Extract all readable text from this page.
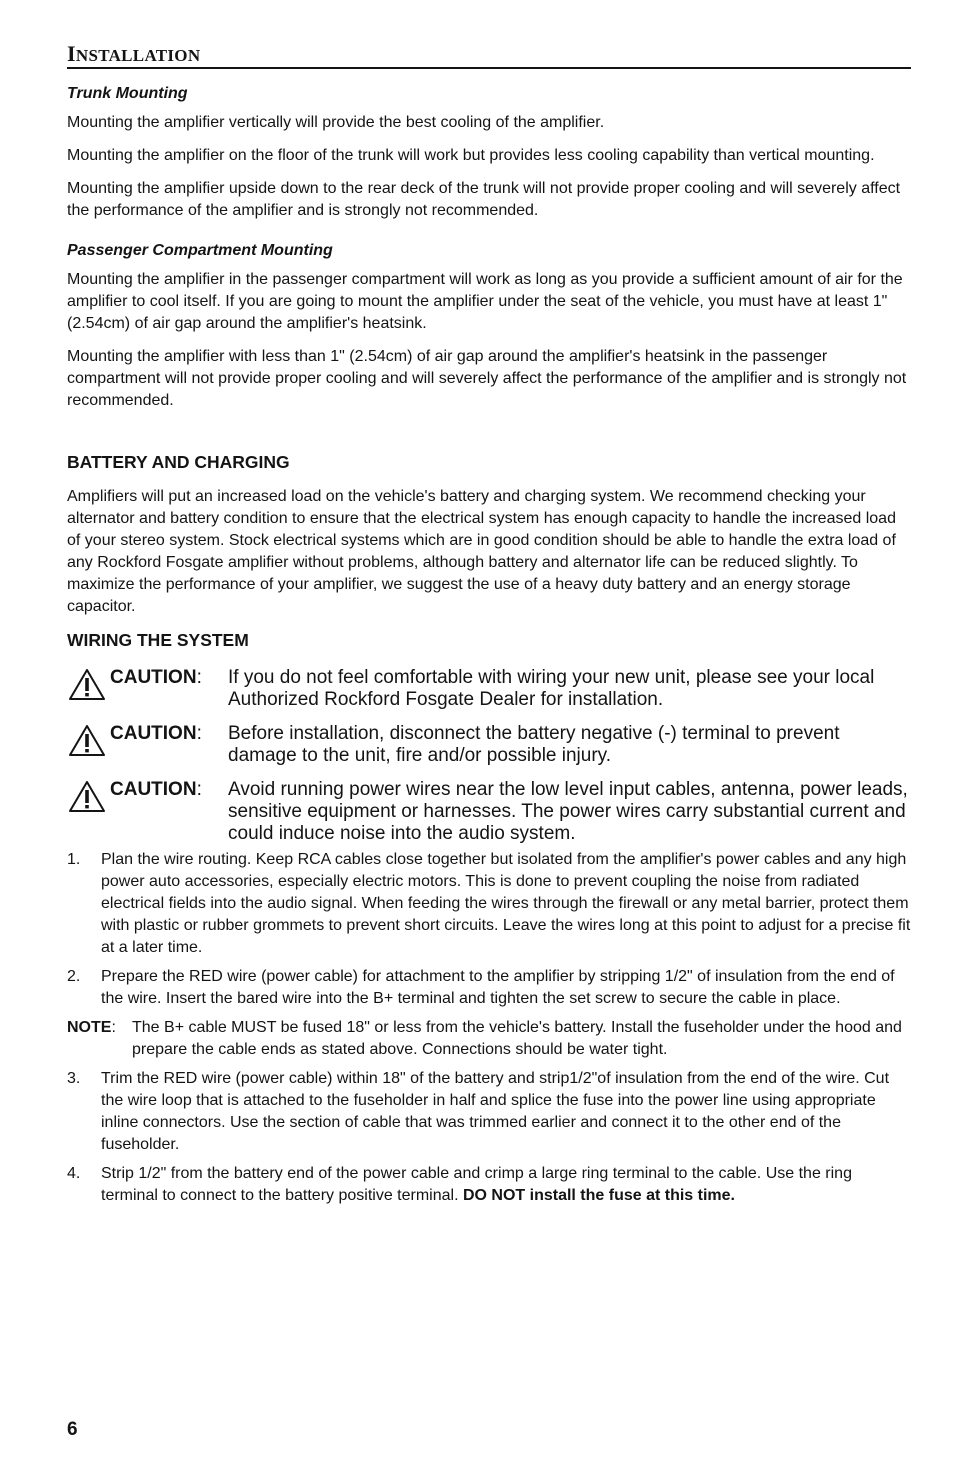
INSTALLATION

Trunk Mounting

Mounting the amplifier vertically will provide the best cooling of the amplifier.

Mounting the amplifier on the floor of the trunk will work but provides less cooling capability than vertical mounting.

Mounting the amplifier upside down to the rear deck of the trunk will not provide proper cooling and will severely affect the performance of the amplifier and is strongly not recommended.

Passenger Compartment Mounting

Mounting the amplifier in the passenger compartment will work as long as you provide a sufficient amount of air for the amplifier to cool itself. If you are going to mount the amplifier under the seat of the vehicle, you must have at least 1" (2.54cm) of air gap around the amplifier's heatsink.

Mounting the amplifier with less than 1" (2.54cm) of air gap around the amplifier's heatsink in the passenger compartment will not provide proper cooling and will severely affect the performance of the amplifier and is strongly not recommended.

BATTERY AND CHARGING

Amplifiers will put an increased load on the vehicle's battery and charging system. We recommend checking your alternator and battery condition to ensure that the electrical system has enough capacity to handle the increased load of your stereo system. Stock electrical systems which are in good condition should be able to handle the extra load of any Rockford Fosgate amplifier without problems, although battery and alternator life can be reduced slightly. To maximize the performance of your amplifier, we suggest the use of a heavy duty battery and an energy storage capacitor.

WIRING THE SYSTEM

CAUTION:	If you do not feel comfortable with wiring your new unit, please see your local Authorized Rockford Fosgate Dealer for installation.
CAUTION:	Before installation, disconnect the battery negative (-) terminal to prevent damage to the unit, fire and/or possible injury.
CAUTION:	Avoid running power wires near the low level input cables, antenna, power leads, sensitive equipment or harnesses. The power wires carry substantial current and could induce noise into the audio system.
1.	Plan the wire routing. Keep RCA cables close together but isolated from the amplifier's power cables and any high power auto accessories, especially electric motors. This is done to prevent coupling the noise from radiated electrical fields into the audio signal. When feeding the wires through the firewall or any metal barrier, protect them with plastic or rubber grommets to prevent short circuits. Leave the wires long at this point to adjust for a precise fit at a later time.
2.	Prepare the RED wire (power cable) for attachment to the amplifier by stripping 1/2" of insulation from the end of the wire. Insert the bared wire into the B+ terminal and tighten the set screw to secure the cable in place.
NOTE:	The B+ cable MUST be fused 18" or less from the vehicle's battery. Install the fuseholder under the hood and prepare the cable ends as stated above. Connections should be water tight.
3.	Trim the RED wire (power cable) within 18" of the battery and strip1/2"of insulation from the end of the wire. Cut the wire loop that is attached to the fuseholder in half and splice the fuse into the power line using appropriate inline connectors. Use the section of cable that was trimmed earlier and connect it to the other end of the fuseholder.
4.	Strip 1/2" from the battery end of the power cable and crimp a large ring terminal to the cable. Use the ring terminal to connect to the battery positive terminal. DO NOT install the fuse at this time.
6
